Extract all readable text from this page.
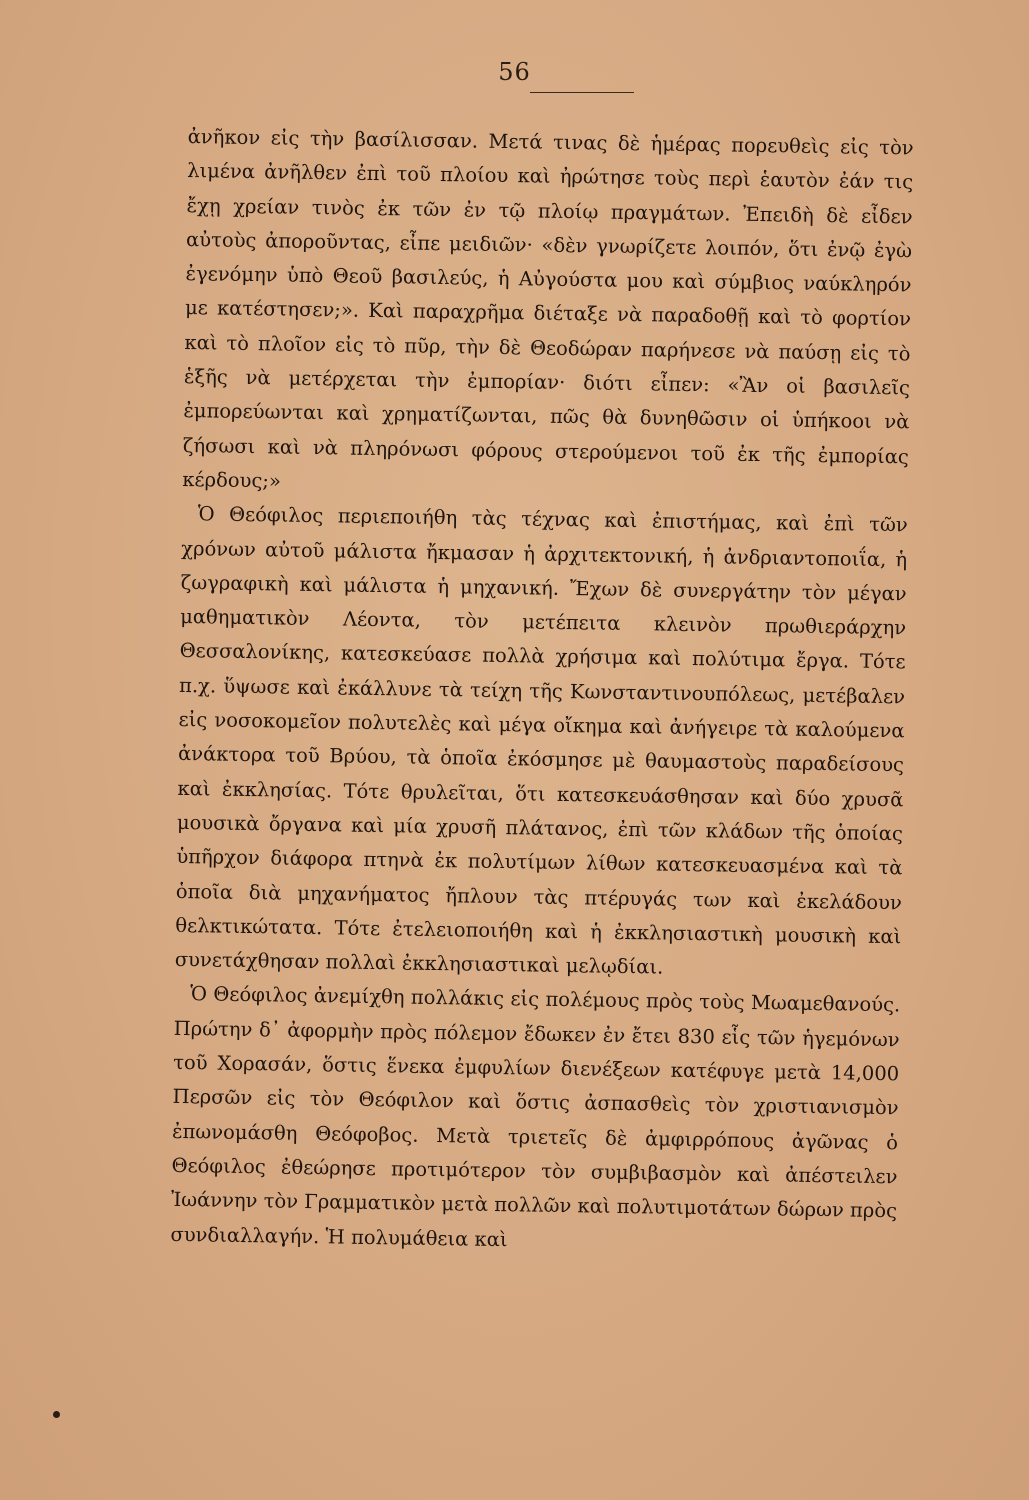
56

ἀνῆκον εἰς τὴν βασίλισσαν. Μετά τινας δὲ ἡμέρας πορευθεὶς εἰς τὸν λιμένα ἀνῆλθεν ἐπὶ τοῦ πλοίου καὶ ἠρώτησε τοὺς περὶ ἑαυτὸν ἐάν τις ἔχῃ χρείαν τινὸς ἐκ τῶν ἐν τῷ πλοίῳ πραγμάτων. Ἐπειδὴ δὲ εἶδεν αὐτοὺς ἀποροῦντας, εἶπε μειδιῶν· «δὲν γνωρίζετε λοιπόν, ὅτι ἐνῷ ἐγὼ ἐγενόμην ὑπὸ Θεοῦ βασιλεύς, ἡ Αὐγούστα μου καὶ σύμβιος ναύκληρόν με κατέστησεν;». Καὶ παραχρῆμα διέταξε νὰ παραδοθῇ καὶ τὸ φορτίον καὶ τὸ πλοῖον εἰς τὸ πῦρ, τὴν δὲ Θεοδώραν παρήνεσε νὰ παύσῃ εἰς τὸ ἑξῆς νὰ μετέρχεται τὴν ἐμπορίαν· διότι εἶπεν: «Ἂν οἱ βασιλεῖς ἐμπορεύωνται καὶ χρηματίζωνται, πῶς θὰ δυνηθῶσιν οἱ ὑπήκοοι νὰ ζήσωσι καὶ νὰ πληρόνωσι φόρους στερούμενοι τοῦ ἐκ τῆς ἐμπορίας κέρδους;»

Ὁ Θεόφιλος περιεποιήθη τὰς τέχνας καὶ ἐπιστήμας, καὶ ἐπὶ τῶν χρόνων αὐτοῦ μάλιστα ἤκμασαν ἡ ἀρχιτεκτονική, ἡ ἀνδριαντοποιΐα, ἡ ζωγραφικὴ καὶ μάλιστα ἡ μηχανική. Ἔχων δὲ συνεργάτην τὸν μέγαν μαθηματικὸν Λέοντα, τὸν μετέπειτα κλεινὸν πρωθιεράρχην Θεσσαλονίκης, κατεσκεύασε πολλὰ χρήσιμα καὶ πολύτιμα ἔργα. Τότε π.χ. ὕψωσε καὶ ἐκάλλυνε τὰ τείχη τῆς Κωνσταντινουπόλεως, μετέβαλεν εἰς νοσοκομεῖον πολυτελὲς καὶ μέγα οἴκημα καὶ ἀνήγειρε τὰ καλούμενα ἀνάκτορα τοῦ Βρύου, τὰ ὁποῖα ἐκόσμησε μὲ θαυμαστοὺς παραδείσους καὶ ἐκκλησίας. Τότε θρυλεῖται, ὅτι κατεσκευάσθησαν καὶ δύο χρυσᾶ μουσικὰ ὄργανα καὶ μία χρυσῆ πλάτανος, ἐπὶ τῶν κλάδων τῆς ὁποίας ὑπῆρχον διάφορα πτηνὰ ἐκ πολυτίμων λίθων κατεσκευασμένα καὶ τὰ ὁποῖα διὰ μηχανήματος ἤπλουν τὰς πτέρυγάς των καὶ ἐκελάδουν θελκτικώτατα. Τότε ἐτελειοποιήθη καὶ ἡ ἐκκλησιαστικὴ μουσικὴ καὶ συνετάχθησαν πολλαὶ ἐκκλησιαστικαὶ μελῳδίαι.

Ὁ Θεόφιλος ἀνεμίχθη πολλάκις εἰς πολέμους πρὸς τοὺς Μωαμεθανούς. Πρώτην δ᾽ ἀφορμὴν πρὸς πόλεμον ἔδωκεν ἐν ἔτει 830 εἷς τῶν ἡγεμόνων τοῦ Χορασάν, ὅστις ἕνεκα ἐμφυλίων διενέξεων κατέφυγε μετὰ 14,000 Περσῶν εἰς τὸν Θεόφιλον καὶ ὅστις ἀσπασθεὶς τὸν χριστιανισμὸν ἐπωνομάσθη Θεόφοβος. Μετὰ τριετεῖς δὲ ἀμφιρρόπους ἀγῶνας ὁ Θεόφιλος ἐθεώρησε προτιμότερον τὸν συμβιβασμὸν καὶ ἀπέστειλεν Ἰωάννην τὸν Γραμματικὸν μετὰ πολλῶν καὶ πολυτιμοτάτων δώρων πρὸς συνδιαλλαγήν. Ἡ πολυμάθεια καὶ
